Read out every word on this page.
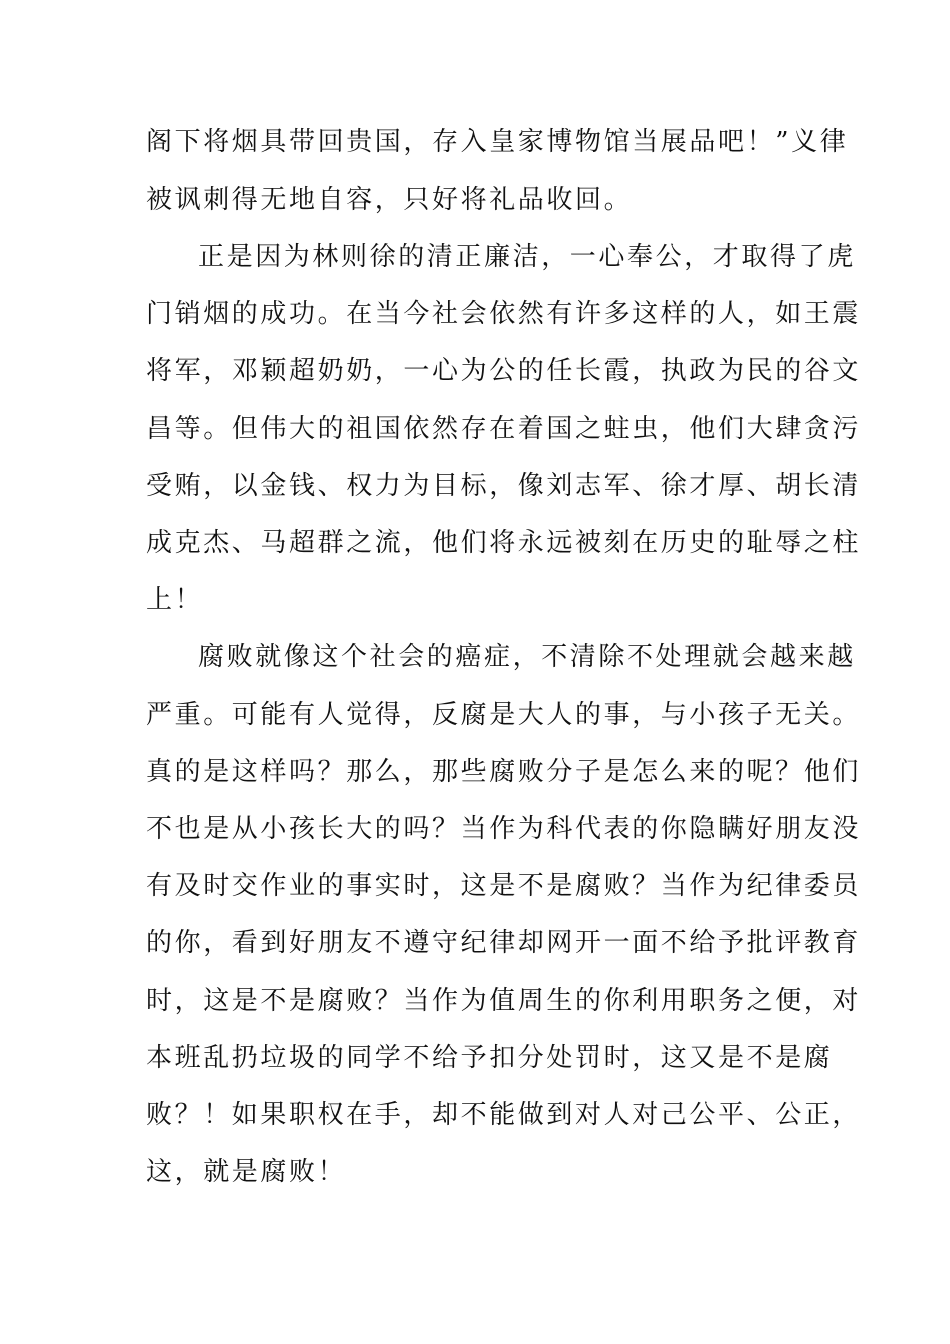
阁下将烟具带回贵国，存入皇家博物馆当展品吧！”义律
被讽刺得无地自容，只好将礼品收回。
正是因为林则徐的清正廉洁，一心奉公，才取得了虎
门销烟的成功。在当今社会依然有许多这样的人，如王震
将军，邓颖超奶奶，一心为公的任长霞，执政为民的谷文
昌等。但伟大的祖国依然存在着国之蛀虫，他们大肆贪污
受贿，以金钱、权力为目标，像刘志军、徐才厚、胡长清
成克杰、马超群之流，他们将永远被刻在历史的耻辱之柱
上！
腐败就像这个社会的癌症，不清除不处理就会越来越
严重。可能有人觉得，反腐是大人的事，与小孩子无关。
真的是这样吗？那么，那些腐败分子是怎么来的呢？他们
不也是从小孩长大的吗？当作为科代表的你隐瞒好朋友没
有及时交作业的事实时，这是不是腐败？当作为纪律委员
的你，看到好朋友不遵守纪律却网开一面不给予批评教育
时，这是不是腐败？当作为值周生的你利用职务之便，对
本班乱扔垃圾的同学不给予扣分处罚时，这又是不是腐
败？！如果职权在手，却不能做到对人对己公平、公正，
这，就是腐败！
